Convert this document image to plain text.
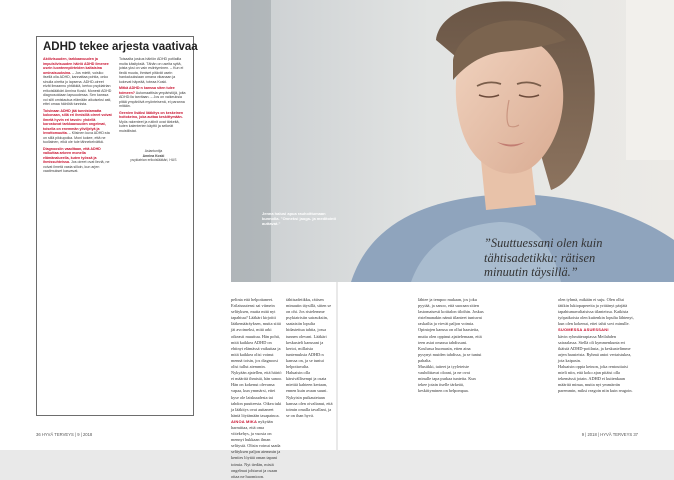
ADHD tekee arjesta vaativaa
Aktiivisuuden, tarkkaavuuden ja impulsiivisuuden häiriö ADHD ilmenee usein luonteenpiirteiden kaltaisina ominaisuuksina. – Jos mietit, voisiko itsellä olla ADHD, kannattaa pohtia, onko sinulla oiretta jo lapsena. ADHD-oireet eivät ilmaannu yhtäkkiä, kertoo psykiatrian erikoislääkäri Annina Koski. Monesti ADHD diagnosoidaan lapsuudessa. Sen kanssa voi silti omistautua elämään aikuiseksi asti, ettei omaa häiriötä tunnista.
Toisinaan ADHD jää tunnistamatta kokonaan, sillä eri ihmisillä oireet voivat ilmetä hyvin eri tavoin: yhdellä korostuvat tarkkaavuuden ongelmat, toisella on enemmän yliviljelyä ja levottomuutta. – Klisinen kuva ADHD:sta on sillä pikkupoika. Moni kokee, että ne tuollainen, eikä ole tule tähnekelvätkä.
Diagnoosiin vaaditaan, että ADHD vaikuttaa arkeen monella elämänalueella, kuten työssä ja ihmissuhteissa. Jos oireet ovat lieviä, ne voivat ilmetä vasta silloin, kun arjen vaatimukset kasvavat.
Toisaalta joskus häiriön ADHD potilailla muita käsityksiä. Tähän on useita syitä, joista yksi on vain esiintyminen. – Kun ei tiedä muuta, ihmiset pitävät usein hankaluuksiaan omana vikanaan ja kokevat häpeää, toteaa Koski.
Mitkä ADHD:n kanssa siten tulee toimeen? Automaattisia ympäristöjä, joita ADHD:lla tarvitaan. – Jos on vaikeuksia pitää ympäröivä myönteisenä, ei paranna mitään.
Geenien lisäksi lääkitys on keskeinen hoitokeino, joka auttaa keskittymään. Myös rakenteet ja rutiinit ovat tärkeitä, kuten kalenterien käyttö ja selkeät muistilistat.
Asiantuntija
Annina Koski
psykiatrian erikoislääkäri, HUS

pelinta että helpottaneet. Erilaisuutensi sai viimein selityksen, mutta mitä nyt tapahtuu? Lääkäri kirjoitti lääkemääräyksen, mutta siitä jäi avoimeksi, mitä arki oikeasti muuttuu. Hän pohti, mitä kaikkea ADHD on ehtinyt elämässä vaikuttaa ja mitä kaikkea olisi voinut mennä toisin, jos diagnoosi olisi tullut aiemmin.

Nykyään ajatellen, että häiriö ei määritä ihmistä, hän sanoo. Hän on kokenut olevansa vapaa, kun ymmärsi, ettei kyse ole laiskuudesta tai tahdon puutteesta. Oikea tuki ja lääkitys ovat auttaneet häntä löytämään tasapainoa.

AINOA MIKA nykyään harmittaa, että oma viitekehys, ja vuosia on mennyt hukkaan ilman selitystä. Olisin voinut saada selityksen paljon aiemmin ja kenties löytää oman tapani toimia. Nyt tiedän, mistä ongelmat johtuvat ja osaan ottaa ne huomioon.

tähtisadetikku, rätisen minuutin täysillä, sitten se on ohi. Jos ristelemme psykiatrisiin sairauksiin, saataisiin lopulta hidastettua tahtia, jossa tunnen olevani. Lääkäri keskusteli kanssani ja kertoi, millaisia tuntemuksia ADHD:n kanssa on, ja se tuntui helpottavalta.

Haluaisin olla kärsivällisempi ja osata miettiä kahteen kertaan, ennen kuin avaan suuni. Nykyisin puikautetaan kanssa olen oivaltanut, että toimin omalla tavallani, ja se on ihan hyvä.

36 HYVÄ TERVEYS | 9 | 2018

lähtee ja tempoo mukaan, jos joku pyytää, ja sanoo, että suoraan sitten lastomaisesti kotitalon tiloihin. Joskus ristelmanakin nämä tilanteet tuntuvat raskailta ja vievät paljon voimia.

Opintojen kanssa on ollut haasteita, mutta olen oppinut ajattelemaan, että teen asiat omassa tahdissani. Koulussa huomasin, etten aina pysynyt muiden tahdissa, ja se tuntui pahalta.

Musiikki, taiteet ja tyyleteiste vauhdittavat oloani, ja ne ovat minulle tapa purkaa tunteita. Kun tekee jotain itselle tärkeää, keskittyminen on helpompaa.

olen tyhmä, mikään ei suju. Olen ollut tätikin lukiopapereita ja yrittänyt pärjätä tapahtumavaltaisissa tilanteissa. Kaikista työpaikoista olen kuitenkin lopulta lähtenyt, kun olen kokenut, ettei tahti sovi minulle.

SUOMESSA ASUESSANI

kävin ryhmäterapiassa Meilahden sairaalassa. Siellä oli kymmenkunta eri ikäistä ADHD-potilasta, ja keskustelimme arjen haasteista. Ryhmä antoi vertaistukea, jota kaipasin.

Haluaisin oppia keinon, joka rentouttaisi mieli niin, että koko ajan pitäisi olla tekemässä jotain. ADHD ei kuitenkaan määritä minua, mutta nyt ymmärrän paremmin, miksi reagoin niin kuin reagoin.

9 | 2018 | HYVÄ TERVEYS 37
Jenna halusi apua rauhoittumaan kunnolla. "Onneksi jaoga- ja meditointi auttavat."
”Suuttuessani olen kuin tähtisadetikku: rätisen minuutin täysillä.”
